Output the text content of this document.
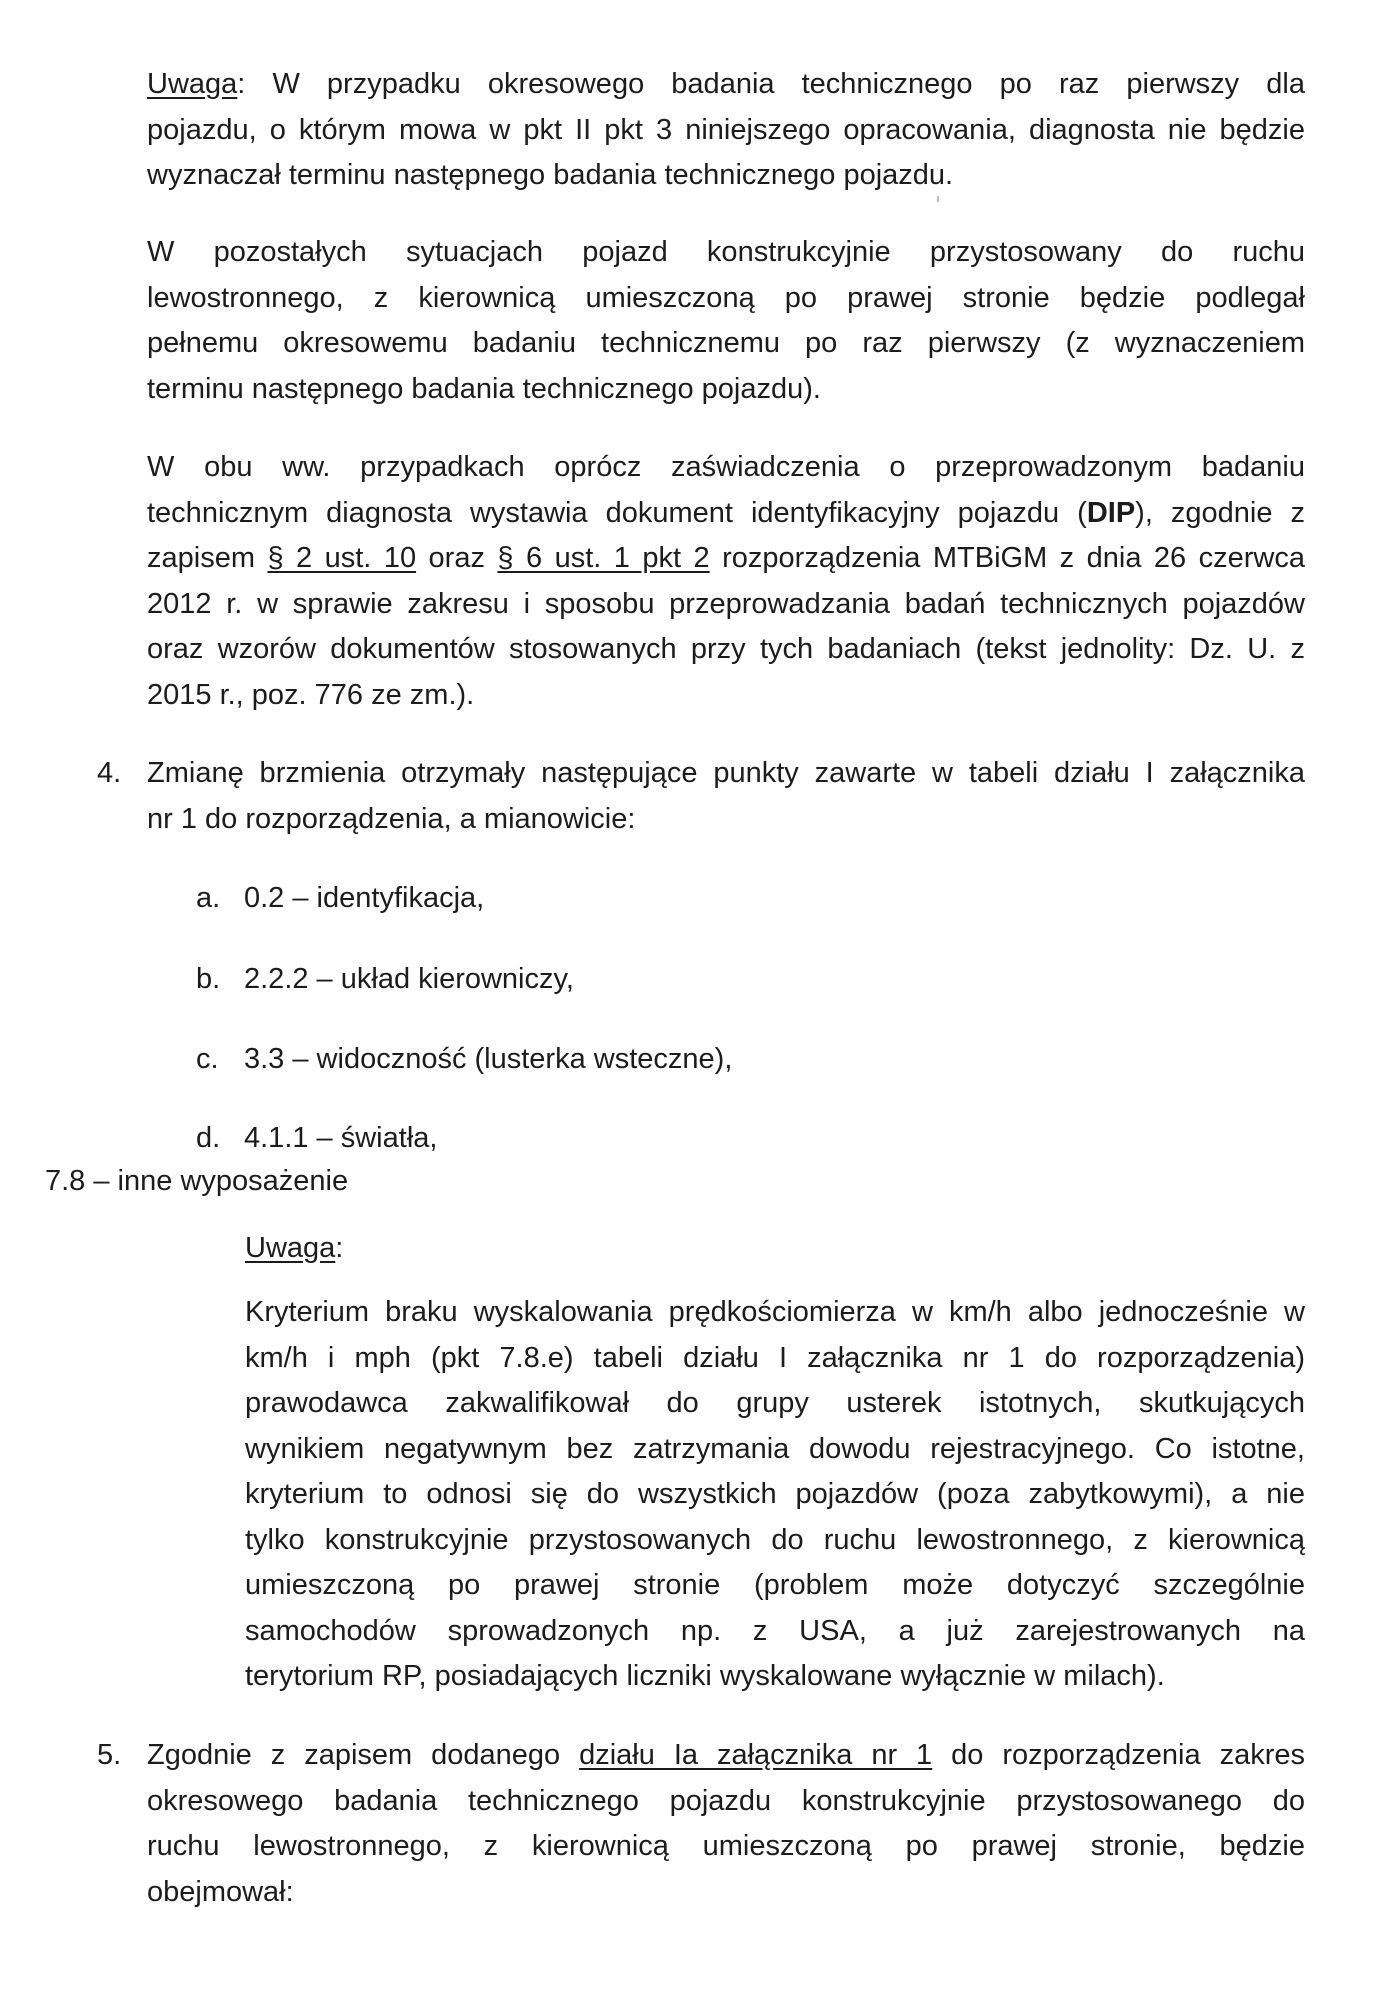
Uwaga: W przypadku okresowego badania technicznego po raz pierwszy dla
pojazdu, o którym mowa w pkt II pkt 3 niniejszego opracowania, diagnosta nie będzie
wyznaczał terminu następnego badania technicznego pojazdu.
W pozostałych sytuacjach pojazd konstrukcyjnie przystosowany do ruchu
lewostronnego, z kierownicą umieszczoną po prawej stronie będzie podlegał
pełnemu okresowemu badaniu technicznemu po raz pierwszy (z wyznaczeniem
terminu następnego badania technicznego pojazdu).
W obu ww. przypadkach oprócz zaświadczenia o przeprowadzonym badaniu
technicznym diagnosta wystawia dokument identyfikacyjny pojazdu (DIP), zgodnie z
zapisem § 2 ust. 10 oraz § 6 ust. 1 pkt 2 rozporządzenia MTBiGM z dnia 26 czerwca
2012 r. w sprawie zakresu i sposobu przeprowadzania badań technicznych pojazdów
oraz wzorów dokumentów stosowanych przy tych badaniach (tekst jednolity: Dz. U. z
2015 r., poz. 776 ze zm.).

4. Zmianę brzmienia otrzymały następujące punkty zawarte w tabeli działu I załącznika
nr 1 do rozporządzenia, a mianowicie:

a. 0.2 – identyfikacja,

b. 2.2.2 – układ kierowniczy,

c. 3.3 – widoczność (lusterka wsteczne),

d. 4.1.1 – światła,

7.8 – inne wyposażenie

Uwaga:

Kryterium braku wyskalowania prędkościomierza w km/h albo jednocześnie w
km/h i mph (pkt 7.8.e) tabeli działu I załącznika nr 1 do rozporządzenia)
prawodawca zakwalifikował do grupy usterek istotnych, skutkujących
wynikiem negatywnym bez zatrzymania dowodu rejestracyjnego. Co istotne,
kryterium to odnosi się do wszystkich pojazdów (poza zabytkowymi), a nie
tylko konstrukcyjnie przystosowanych do ruchu lewostronnego, z kierownicą
umieszczoną po prawej stronie (problem może dotyczyć szczególnie
samochodów sprowadzonych np. z USA, a już zarejestrowanych na
terytorium RP, posiadających liczniki wyskalowane wyłącznie w milach).

5. Zgodnie z zapisem dodanego działu Ia załącznika nr 1 do rozporządzenia zakres
okresowego badania technicznego pojazdu konstrukcyjnie przystosowanego do
ruchu lewostronnego, z kierownicą umieszczoną po prawej stronie, będzie
obejmował:
